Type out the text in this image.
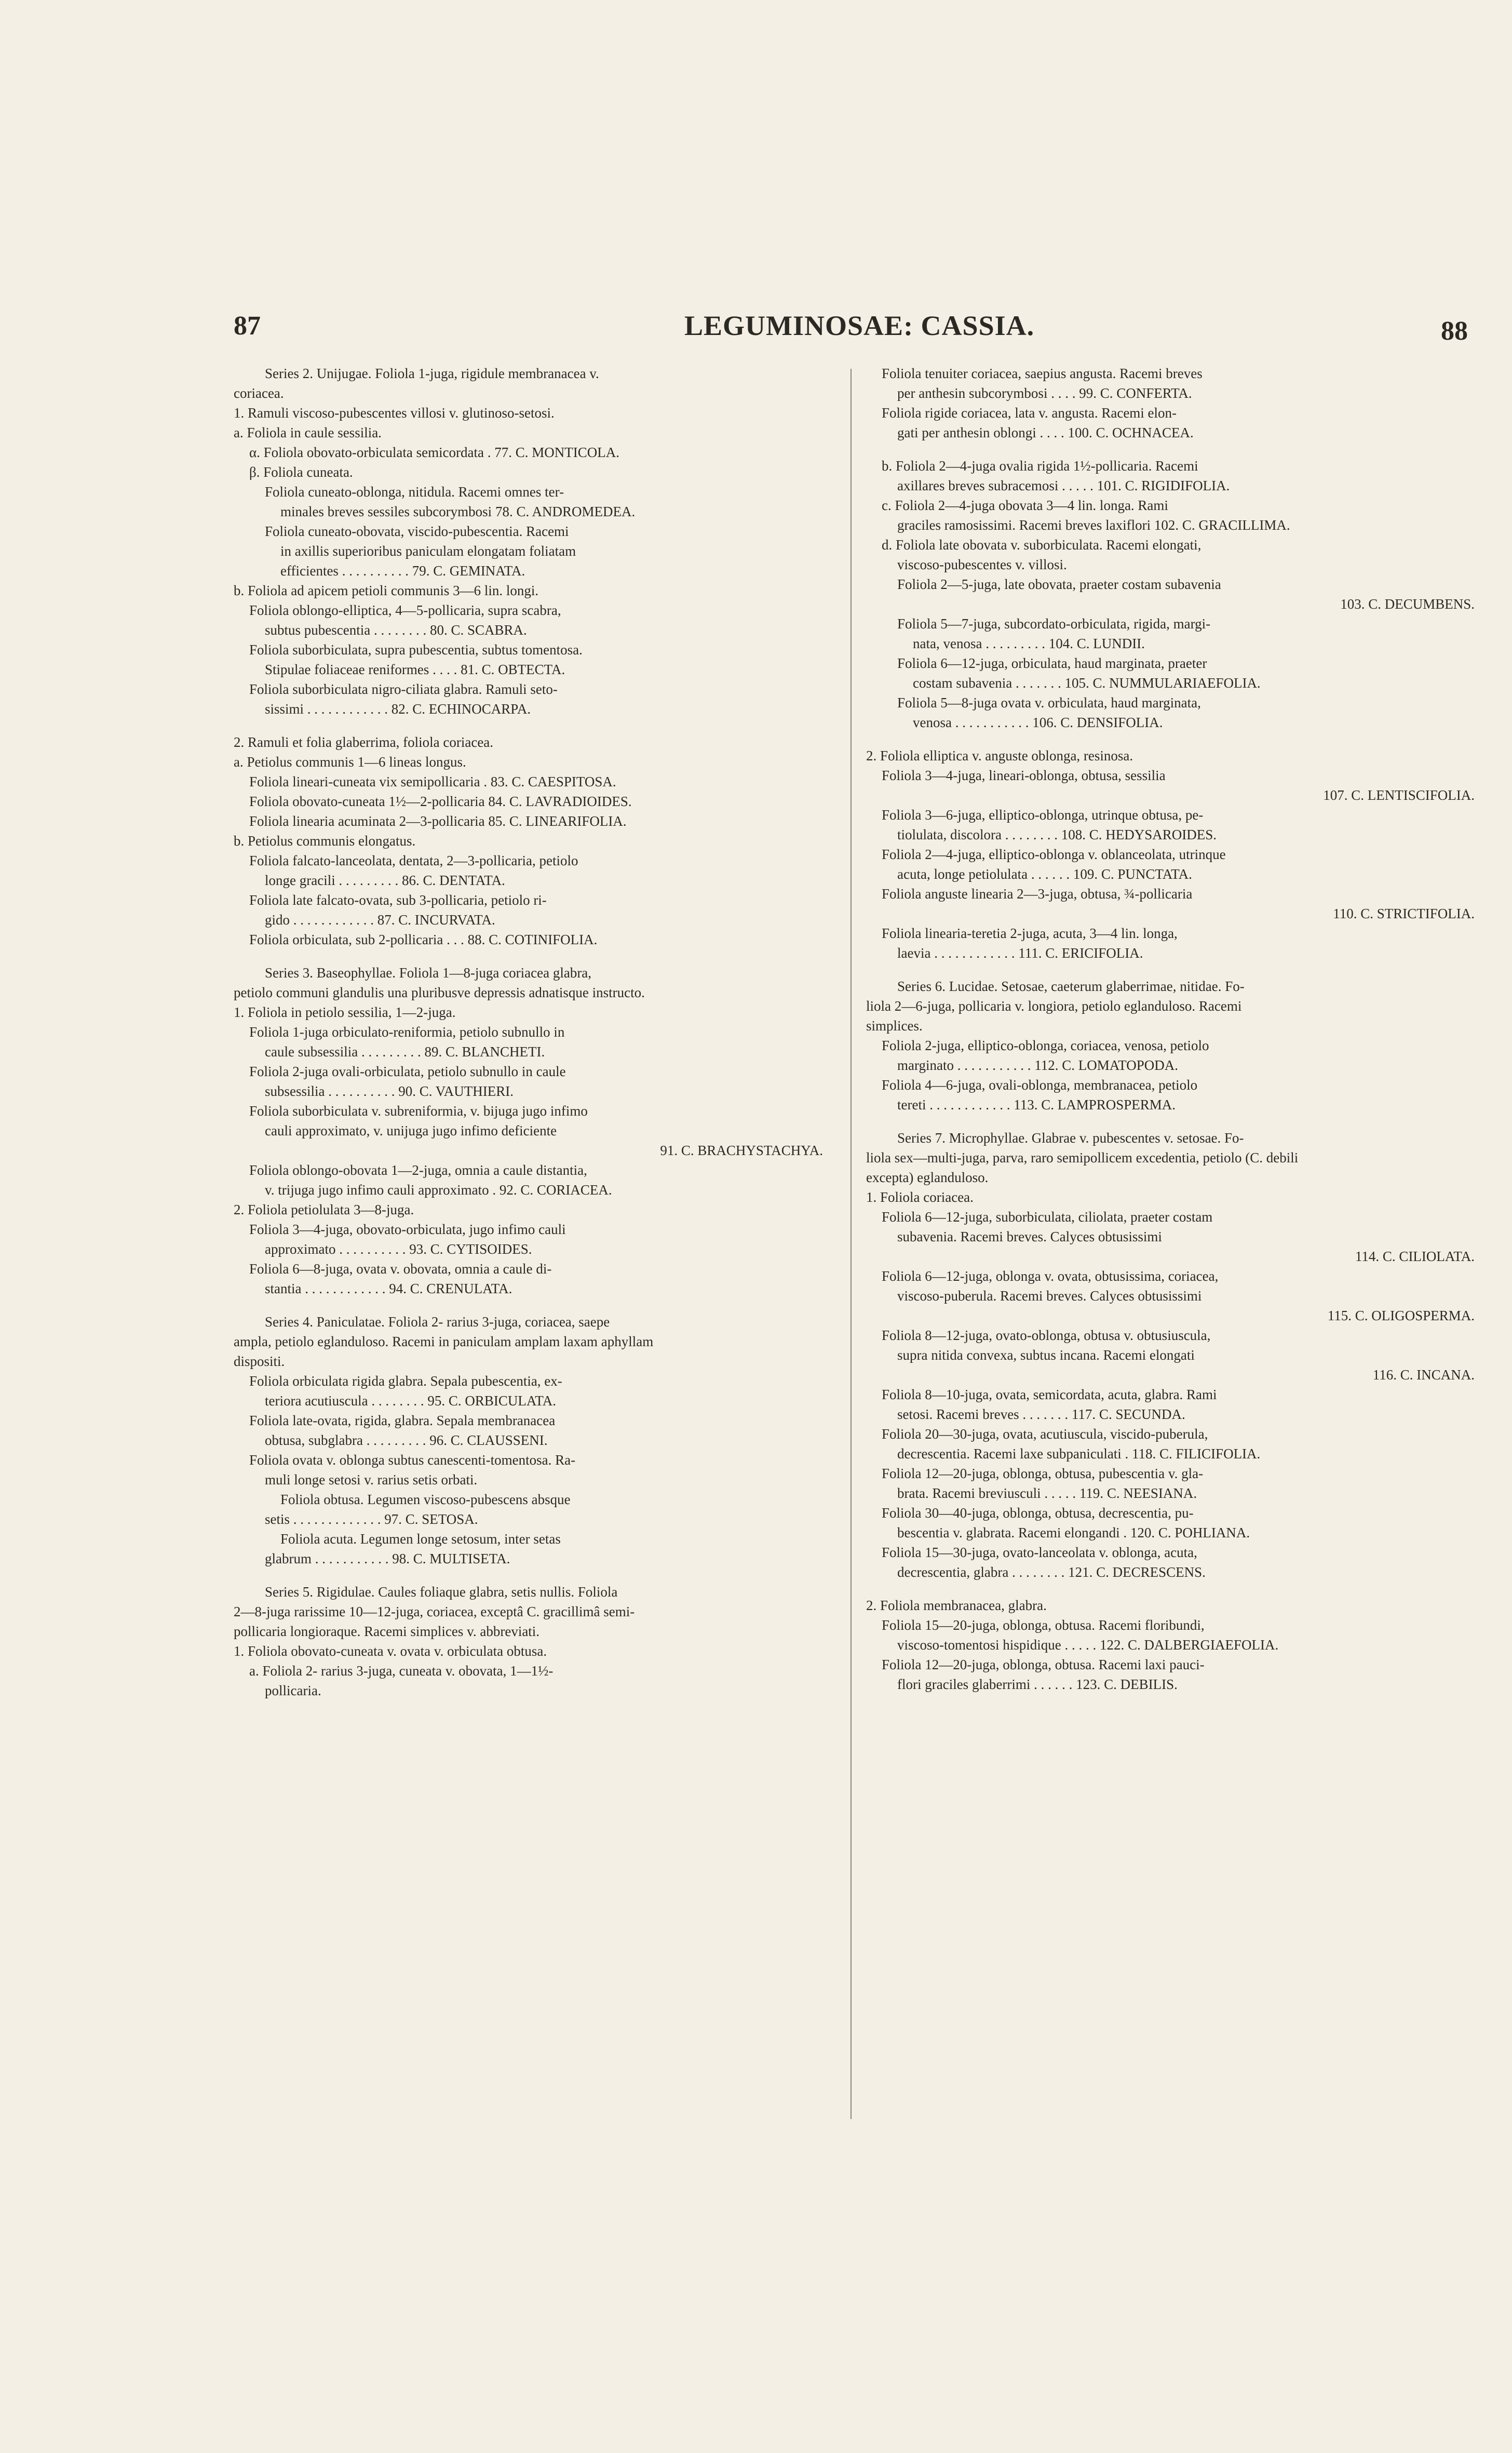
87	LEGUMINOSAE: CASSIA.	88
Series 2. Unijugae. Foliola 1-juga, rigidule membranacea v.
coriacea.
1. Ramuli viscoso-pubescentes villosi v. glutinoso-setosi.
a. Foliola in caule sessilia.
α. Foliola obovato-orbiculata semicordata . 77. C. MONTICOLA.
β. Foliola cuneata.
Foliola cuneato-oblonga, nitidula. Racemi omnes ter-
minales breves sessiles subcorymbosi 78. C. ANDROMEDEA.
Foliola cuneato-obovata, viscido-pubescentia. Racemi
in axillis superioribus paniculam elongatam foliatam
efficientes . . . . . . . . . . 79. C. GEMINATA.
b. Foliola ad apicem petioli communis 3—6 lin. longi.
Foliola oblongo-elliptica, 4—5-pollicaria, supra scabra,
subtus pubescentia . . . . . . . . 80. C. SCABRA.
Foliola suborbiculata, supra pubescentia, subtus tomentosa.
Stipulae foliaceae reniformes . . . . 81. C. OBTECTA.
Foliola suborbiculata nigro-ciliata glabra. Ramuli seto-
sissimi . . . . . . . . . . . . 82. C. ECHINOCARPA.
2. Ramuli et folia glaberrima, foliola coriacea.
a. Petiolus communis 1—6 lineas longus.
Foliola lineari-cuneata vix semipollicaria . 83. C. CAESPITOSA.
Foliola obovato-cuneata 1½—2-pollicaria 84. C. LAVRADIOIDES.
Foliola linearia acuminata 2—3-pollicaria 85. C. LINEARIFOLIA.
b. Petiolus communis elongatus.
Foliola falcato-lanceolata, dentata, 2—3-pollicaria, petiolo
longe gracili . . . . . . . . . 86. C. DENTATA.
Foliola late falcato-ovata, sub 3-pollicaria, petiolo ri-
gido . . . . . . . . . . . . 87. C. INCURVATA.
Foliola orbiculata, sub 2-pollicaria . . . 88. C. COTINIFOLIA.
Series 3. Baseophyllae. Foliola 1—8-juga coriacea glabra,
petiolo communi glandulis una pluribusve depressis adnatisque instructo.
1. Foliola in petiolo sessilia, 1—2-juga.
Foliola 1-juga orbiculato-reniformia, petiolo subnullo in
caule subsessilia . . . . . . . . . 89. C. BLANCHETI.
Foliola 2-juga ovali-orbiculata, petiolo subnullo in caule
subsessilia . . . . . . . . . . 90. C. VAUTHIERI.
Foliola suborbiculata v. subreniformia, v. bijuga jugo infimo
cauli approximato, v. unijuga jugo infimo deficiente
91. C. BRACHYSTACHYA.
Foliola oblongo-obovata 1—2-juga, omnia a caule distantia,
v. trijuga jugo infimo cauli approximato . 92. C. CORIACEA.
2. Foliola petiolulata 3—8-juga.
Foliola 3—4-juga, obovato-orbiculata, jugo infimo cauli
approximato . . . . . . . . . . 93. C. CYTISOIDES.
Foliola 6—8-juga, ovata v. obovata, omnia a caule di-
stantia . . . . . . . . . . . . 94. C. CRENULATA.
Series 4. Paniculatae. Foliola 2- rarius 3-juga, coriacea, saepe
ampla, petiolo eglanduloso. Racemi in paniculam amplam laxam aphyllam
dispositi.
Foliola orbiculata rigida glabra. Sepala pubescentia, ex-
teriora acutiuscula . . . . . . . . 95. C. ORBICULATA.
Foliola late-ovata, rigida, glabra. Sepala membranacea
obtusa, subglabra . . . . . . . . . 96. C. CLAUSSENI.
Foliola ovata v. oblonga subtus canescenti-tomentosa. Ra-
muli longe setosi v. rarius setis orbati.
Foliola obtusa. Legumen viscoso-pubescens absque
setis . . . . . . . . . . . . . 97. C. SETOSA.
Foliola acuta. Legumen longe setosum, inter setas
glabrum . . . . . . . . . . . 98. C. MULTISETA.
Series 5. Rigidulae. Caules foliaque glabra, setis nullis. Foliola
2—8-juga rarissime 10—12-juga, coriacea, exceptâ C. gracillimâ semi-
pollicaria longioraque. Racemi simplices v. abbreviati.
1. Foliola obovato-cuneata v. ovata v. orbiculata obtusa.
a. Foliola 2- rarius 3-juga, cuneata v. obovata, 1—1½-
pollicaria.
Foliola tenuiter coriacea, saepius angusta. Racemi breves
per anthesin subcorymbosi . . . . 99. C. CONFERTA.
Foliola rigide coriacea, lata v. angusta. Racemi elon-
gati per anthesin oblongi . . . . 100. C. OCHNACEA.
b. Foliola 2—4-juga ovalia rigida 1½-pollicaria. Racemi
axillares breves subracemosi . . . . . 101. C. RIGIDIFOLIA.
c. Foliola 2—4-juga obovata 3—4 lin. longa. Rami
graciles ramosissimi. Racemi breves laxiflori 102. C. GRACILLIMA.
d. Foliola late obovata v. suborbiculata. Racemi elongati,
viscoso-pubescentes v. villosi.
Foliola 2—5-juga, late obovata, praeter costam subavenia
103. C. DECUMBENS.
Foliola 5—7-juga, subcordato-orbiculata, rigida, margi-
nata, venosa . . . . . . . . . 104. C. LUNDII.
Foliola 6—12-juga, orbiculata, haud marginata, praeter
costam subavenia . . . . . . . 105. C. NUMMULARIAEFOLIA.
Foliola 5—8-juga ovata v. orbiculata, haud marginata,
venosa . . . . . . . . . . . 106. C. DENSIFOLIA.
2. Foliola elliptica v. anguste oblonga, resinosa.
Foliola 3—4-juga, lineari-oblonga, obtusa, sessilia
107. C. LENTISCIFOLIA.
Foliola 3—6-juga, elliptico-oblonga, utrinque obtusa, pe-
tiolulata, discolora . . . . . . . . 108. C. HEDYSAROIDES.
Foliola 2—4-juga, elliptico-oblonga v. oblanceolata, utrinque
acuta, longe petiolulata . . . . . . 109. C. PUNCTATA.
Foliola anguste linearia 2—3-juga, obtusa, ¾-pollicaria
110. C. STRICTIFOLIA.
Foliola linearia-teretia 2-juga, acuta, 3—4 lin. longa,
laevia . . . . . . . . . . . . 111. C. ERICIFOLIA.
Series 6. Lucidae. Setosae, caeterum glaberrimae, nitidae. Fo-
liola 2—6-juga, pollicaria v. longiora, petiolo eglanduloso. Racemi
simplices.
Foliola 2-juga, elliptico-oblonga, coriacea, venosa, petiolo
marginato . . . . . . . . . . . 112. C. LOMATOPODA.
Foliola 4—6-juga, ovali-oblonga, membranacea, petiolo
tereti . . . . . . . . . . . . 113. C. LAMPROSPERMA.
Series 7. Microphyllae. Glabrae v. pubescentes v. setosae. Fo-
liola sex—multi-juga, parva, raro semipollicem excedentia, petiolo (C. debili
excepta) eglanduloso.
1. Foliola coriacea.
Foliola 6—12-juga, suborbiculata, ciliolata, praeter costam
subavenia. Racemi breves. Calyces obtusissimi
114. C. CILIOLATA.
Foliola 6—12-juga, oblonga v. ovata, obtusissima, coriacea,
viscoso-puberula. Racemi breves. Calyces obtusissimi
115. C. OLIGOSPERMA.
Foliola 8—12-juga, ovato-oblonga, obtusa v. obtusiuscula,
supra nitida convexa, subtus incana. Racemi elongati
116. C. INCANA.
Foliola 8—10-juga, ovata, semicordata, acuta, glabra. Rami
setosi. Racemi breves . . . . . . . 117. C. SECUNDA.
Foliola 20—30-juga, ovata, acutiuscula, viscido-puberula,
decrescentia. Racemi laxe subpaniculati . 118. C. FILICIFOLIA.
Foliola 12—20-juga, oblonga, obtusa, pubescentia v. gla-
brata. Racemi breviusculi . . . . . 119. C. NEESIANA.
Foliola 30—40-juga, oblonga, obtusa, decrescentia, pu-
bescentia v. glabrata. Racemi elongandi . 120. C. POHLIANA.
Foliola 15—30-juga, ovato-lanceolata v. oblonga, acuta,
decrescentia, glabra . . . . . . . . 121. C. DECRESCENS.
2. Foliola membranacea, glabra.
Foliola 15—20-juga, oblonga, obtusa. Racemi floribundi,
viscoso-tomentosi hispidique . . . . . 122. C. DALBERGIAEFOLIA.
Foliola 12—20-juga, oblonga, obtusa. Racemi laxi pauci-
flori graciles glaberrimi . . . . . . 123. C. DEBILIS.
